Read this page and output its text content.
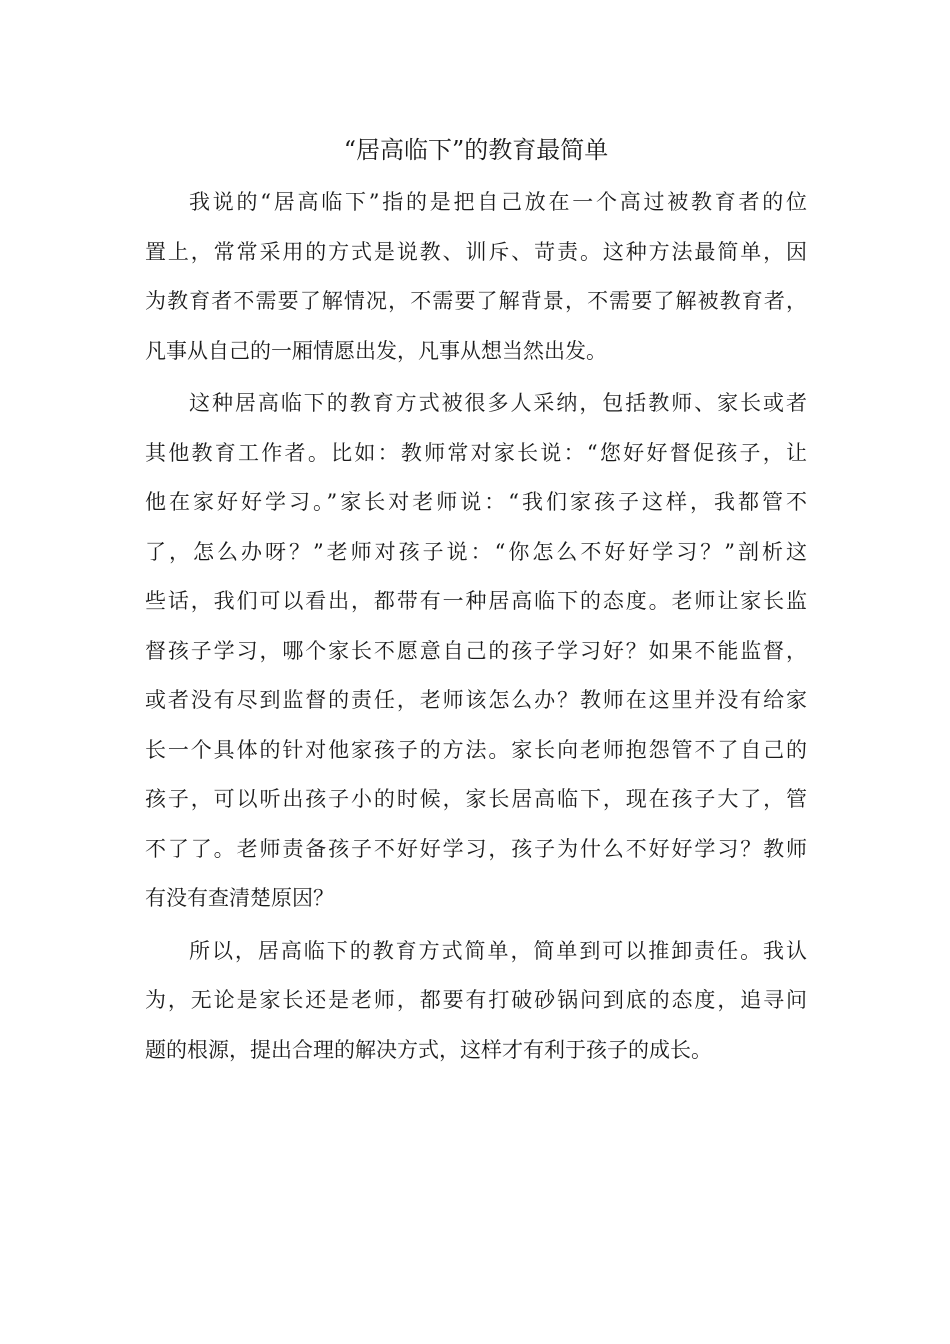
“居高临下”的教育最简单
我说的“居高临下”指的是把自己放在一个高过被教育者的位
置上，常常采用的方式是说教、训斥、苛责。这种方法最简单，因
为教育者不需要了解情况，不需要了解背景，不需要了解被教育者，
凡事从自己的一厢情愿出发，凡事从想当然出发。
这种居高临下的教育方式被很多人采纳，包括教师、家长或者
其他教育工作者。比如：教师常对家长说：“您好好督促孩子，让
他在家好好学习。”家长对老师说：“我们家孩子这样，我都管不
了，怎么办呀？”老师对孩子说：“你怎么不好好学习？”剖析这
些话，我们可以看出，都带有一种居高临下的态度。老师让家长监
督孩子学习，哪个家长不愿意自己的孩子学习好？如果不能监督，
或者没有尽到监督的责任，老师该怎么办？教师在这里并没有给家
长一个具体的针对他家孩子的方法。家长向老师抱怨管不了自己的
孩子，可以听出孩子小的时候，家长居高临下，现在孩子大了，管
不了了。老师责备孩子不好好学习，孩子为什么不好好学习？教师
有没有查清楚原因？
所以，居高临下的教育方式简单，简单到可以推卸责任。我认
为，无论是家长还是老师，都要有打破砂锅问到底的态度，追寻问
题的根源，提出合理的解决方式，这样才有利于孩子的成长。
